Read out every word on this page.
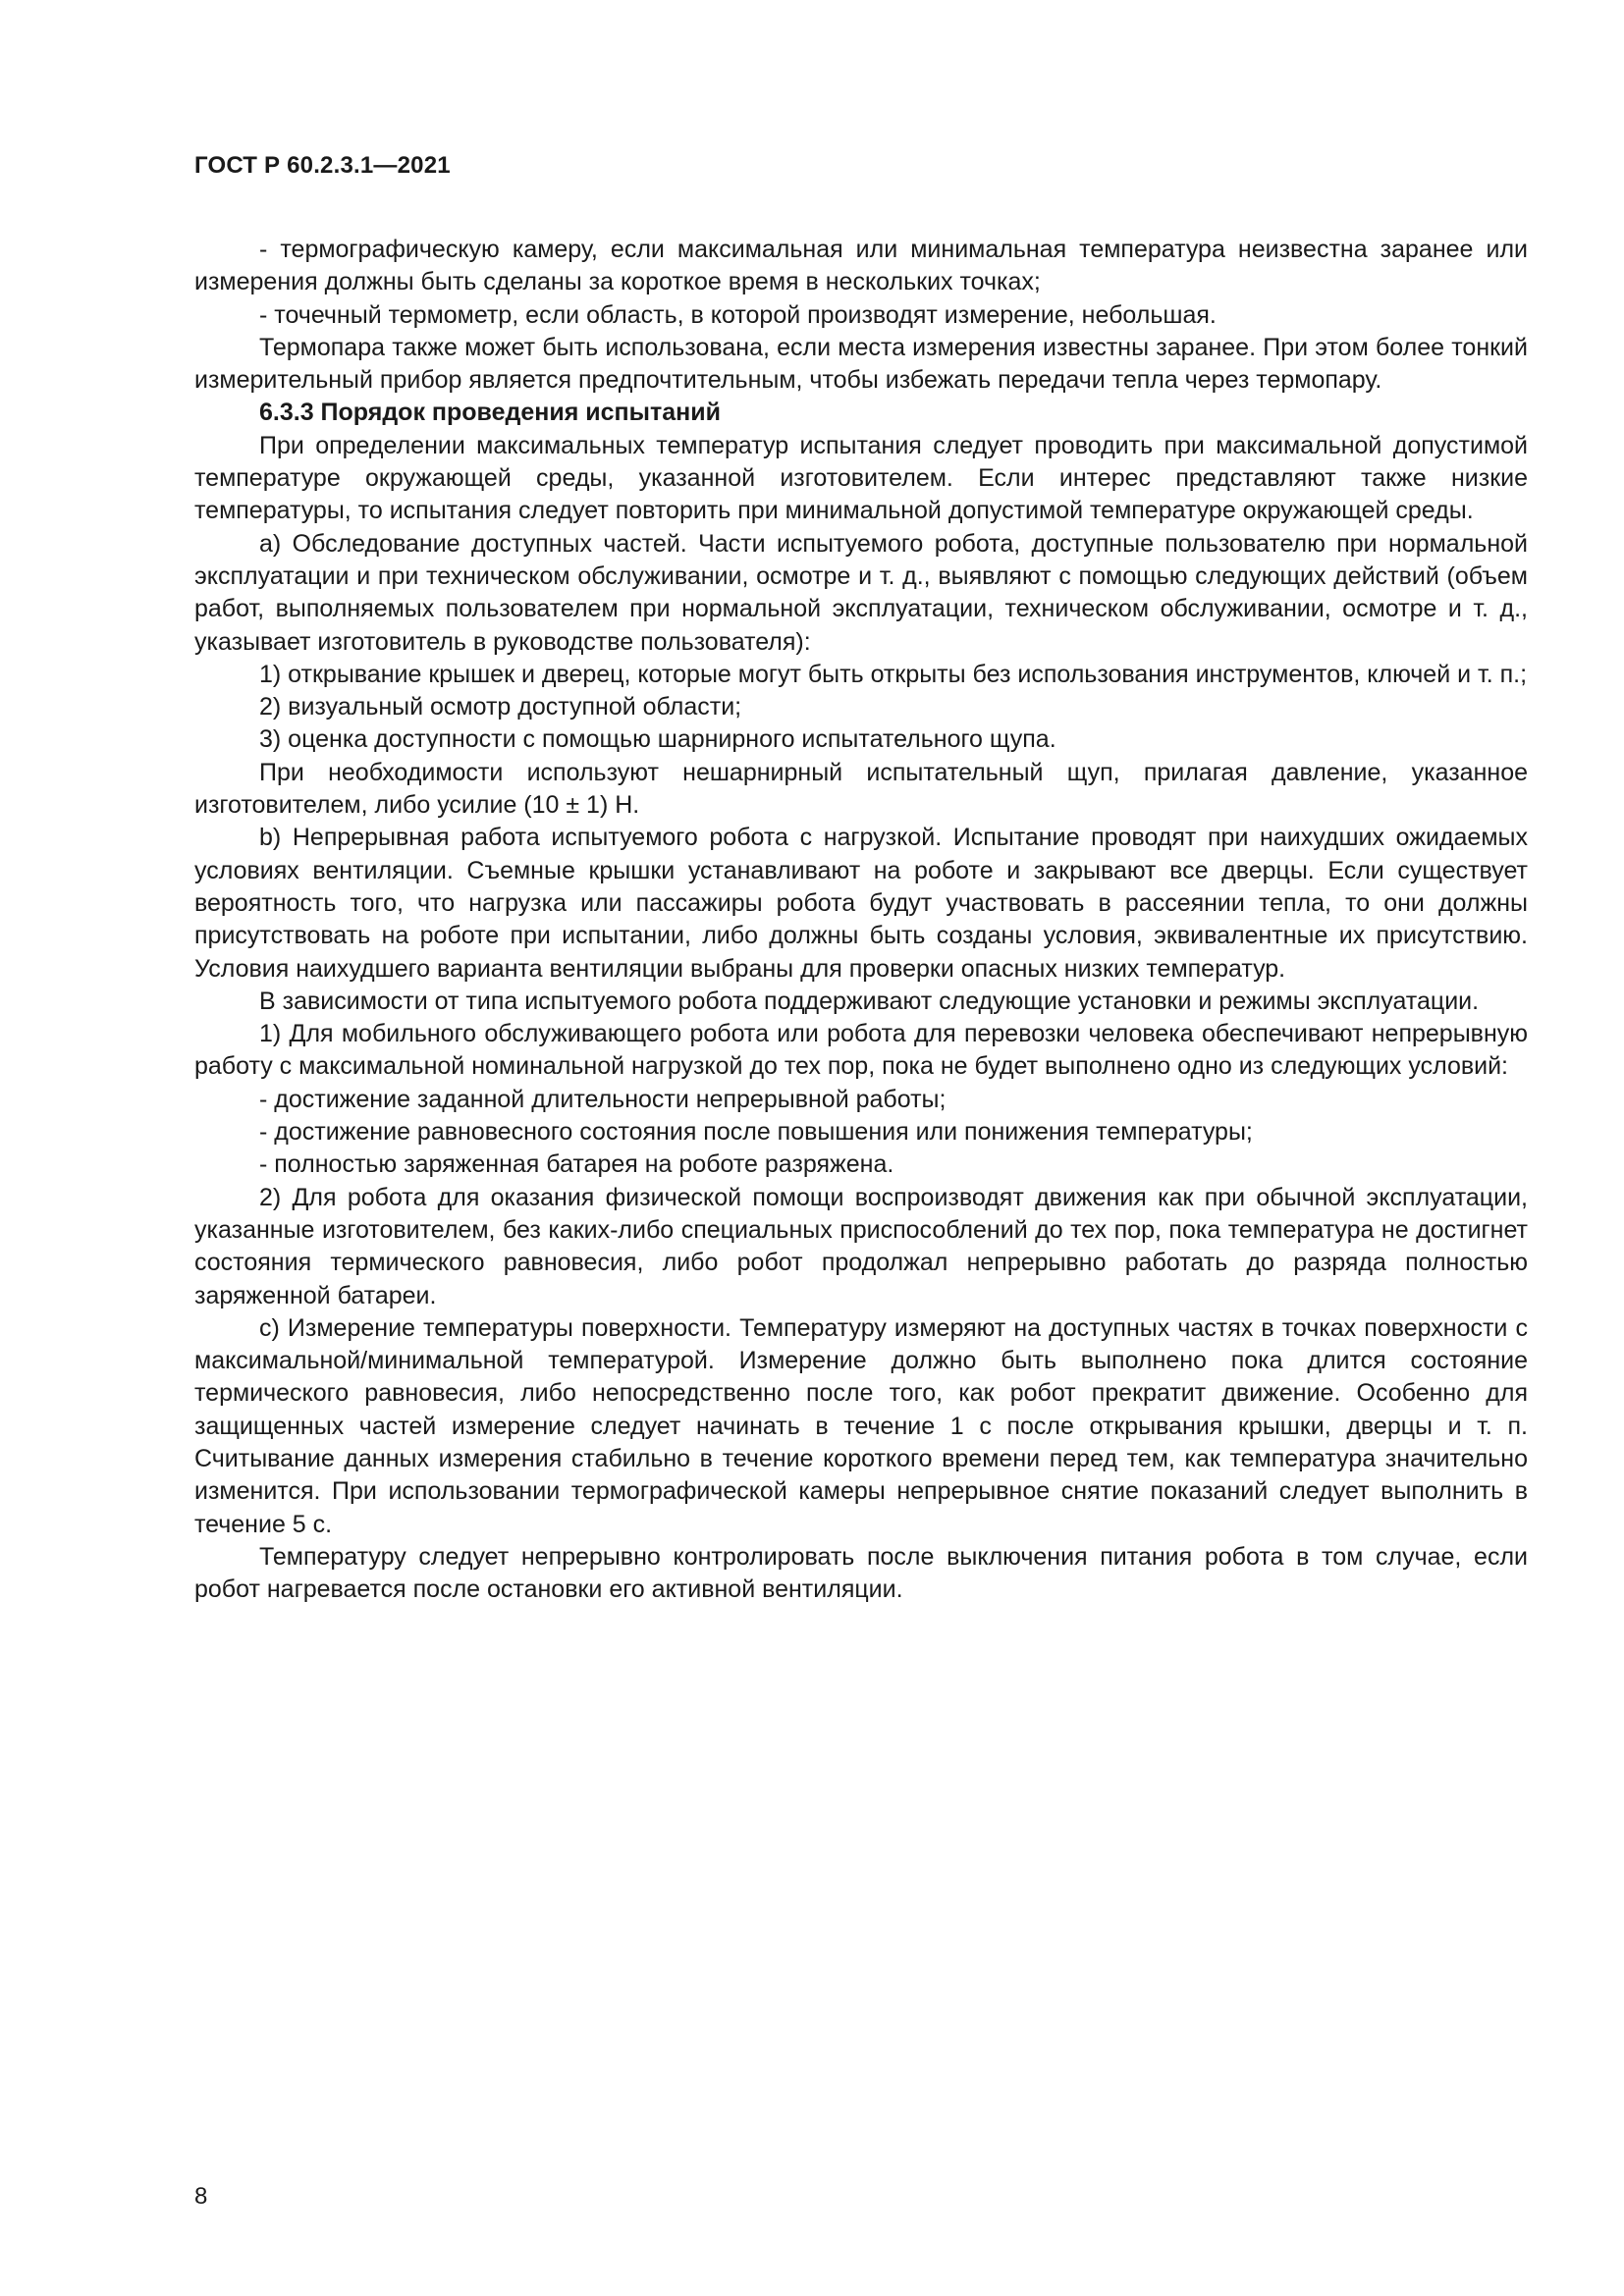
ГОСТ Р 60.2.3.1—2021

- термографическую камеру, если максимальная или минимальная температура неизвестна заранее или измерения должны быть сделаны за короткое время в нескольких точках;

- точечный термометр, если область, в которой производят измерение, небольшая.

Термопара также может быть использована, если места измерения известны заранее. При этом более тонкий измерительный прибор является предпочтительным, чтобы избежать передачи тепла через термопару.

6.3.3 Порядок проведения испытаний

При определении максимальных температур испытания следует проводить при максимальной допустимой температуре окружающей среды, указанной изготовителем. Если интерес представляют также низкие температуры, то испытания следует повторить при минимальной допустимой температуре окружающей среды.

a) Обследование доступных частей. Части испытуемого робота, доступные пользователю при нормальной эксплуатации и при техническом обслуживании, осмотре и т. д., выявляют с помощью следующих действий (объем работ, выполняемых пользователем при нормальной эксплуатации, техническом обслуживании, осмотре и т. д., указывает изготовитель в руководстве пользователя):

1) открывание крышек и дверец, которые могут быть открыты без использования инструментов, ключей и т. п.;

2) визуальный осмотр доступной области;

3) оценка доступности с помощью шарнирного испытательного щупа.

При необходимости используют нешарнирный испытательный щуп, прилагая давление, указанное изготовителем, либо усилие (10 ± 1) Н.

b) Непрерывная работа испытуемого робота с нагрузкой. Испытание проводят при наихудших ожидаемых условиях вентиляции. Съемные крышки устанавливают на роботе и закрывают все дверцы. Если существует вероятность того, что нагрузка или пассажиры робота будут участвовать в рассеянии тепла, то они должны присутствовать на роботе при испытании, либо должны быть созданы условия, эквивалентные их присутствию. Условия наихудшего варианта вентиляции выбраны для проверки опасных низких температур.

В зависимости от типа испытуемого робота поддерживают следующие установки и режимы эксплуатации.

1) Для мобильного обслуживающего робота или робота для перевозки человека обеспечивают непрерывную работу с максимальной номинальной нагрузкой до тех пор, пока не будет выполнено одно из следующих условий:

- достижение заданной длительности непрерывной работы;

- достижение равновесного состояния после повышения или понижения температуры;

- полностью заряженная батарея на роботе разряжена.

2) Для робота для оказания физической помощи воспроизводят движения как при обычной эксплуатации, указанные изготовителем, без каких-либо специальных приспособлений до тех пор, пока температура не достигнет состояния термического равновесия, либо робот продолжал непрерывно работать до разряда полностью заряженной батареи.

c) Измерение температуры поверхности. Температуру измеряют на доступных частях в точках поверхности с максимальной/минимальной температурой. Измерение должно быть выполнено пока длится состояние термического равновесия, либо непосредственно после того, как робот прекратит движение. Особенно для защищенных частей измерение следует начинать в течение 1 с после открывания крышки, дверцы и т. п. Считывание данных измерения стабильно в течение короткого времени перед тем, как температура значительно изменится. При использовании термографической камеры непрерывное снятие показаний следует выполнить в течение 5 с.

Температуру следует непрерывно контролировать после выключения питания робота в том случае, если робот нагревается после остановки его активной вентиляции.

8
